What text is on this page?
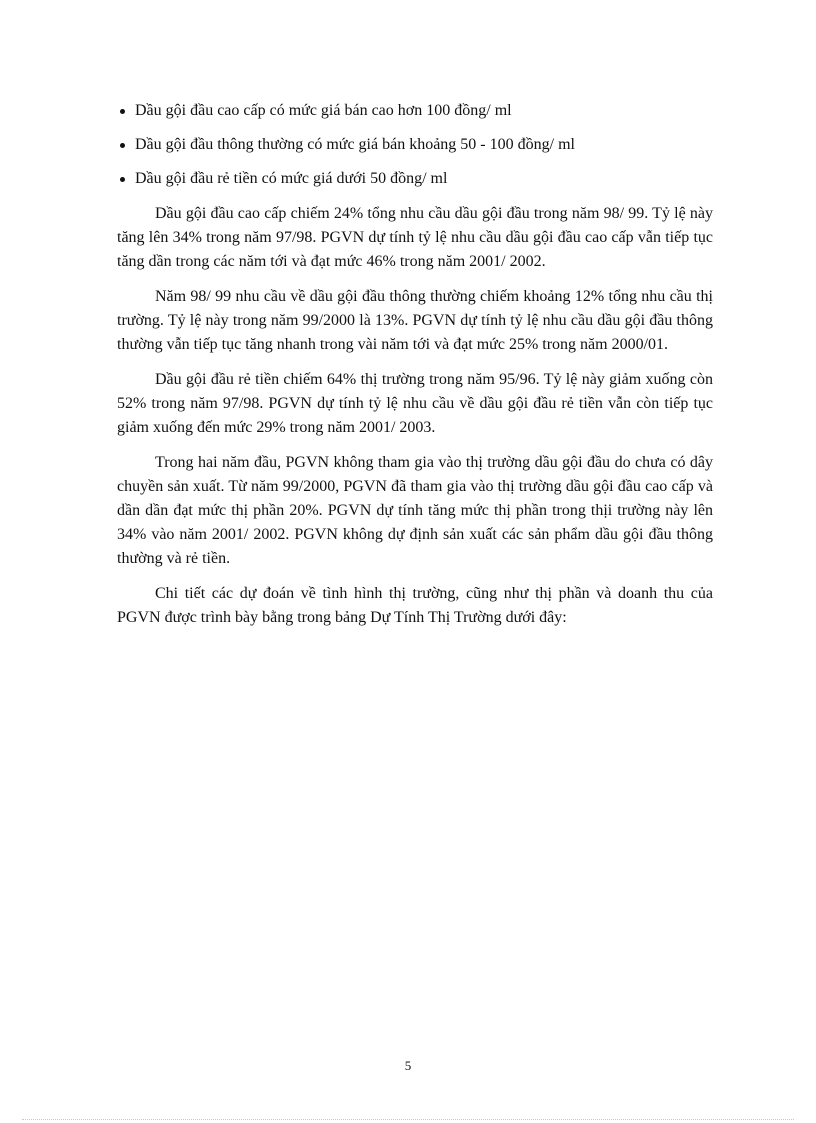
Dầu gội đầu cao cấp có mức giá bán cao hơn 100 đồng/ ml
Dầu gội đầu thông thường có mức giá bán khoảng 50 - 100 đồng/ ml
Dầu gội đầu rẻ tiền có mức giá dưới 50 đồng/ ml

Dầu gội đầu cao cấp chiếm 24% tổng nhu cầu dầu gội đầu trong năm 98/ 99. Tỷ lệ này tăng lên 34% trong năm 97/98. PGVN dự tính tỷ lệ nhu cầu dầu gội đầu cao cấp vẫn tiếp tục tăng dần trong các năm tới và đạt mức 46% trong năm 2001/ 2002.

Năm 98/ 99 nhu cầu về dầu gội đầu thông thường chiếm khoảng 12% tổng nhu cầu thị trường. Tỷ lệ này trong năm 99/2000 là 13%. PGVN dự tính tỷ lệ nhu cầu dầu gội đầu thông thường vẫn tiếp tục tăng nhanh trong vài năm tới và đạt mức 25% trong năm 2000/01.

Dầu gội đầu rẻ tiền chiếm 64% thị trường trong năm 95/96. Tỷ lệ này giảm xuống còn 52% trong năm 97/98. PGVN dự tính tỷ lệ nhu cầu về dầu gội đầu rẻ tiền vẫn còn tiếp tục giảm xuống đến mức 29% trong năm 2001/ 2003.

Trong hai năm đầu, PGVN không tham gia vào thị trường dầu gội đầu do chưa có dây chuyền sản xuất. Từ năm 99/2000, PGVN đã tham gia vào thị trường dầu gội đầu cao cấp và dần dần đạt mức thị phần 20%. PGVN dự tính tăng mức thị phần trong thịi trường này lên 34% vào năm 2001/ 2002. PGVN không dự định sản xuất các sản phẩm dầu gội đầu thông thường và rẻ tiền.

Chi tiết các dự đoán về tình hình thị trường, cũng như thị phần và doanh thu của PGVN được trình bày bằng trong bảng Dự Tính Thị Trường dưới đây:

5
